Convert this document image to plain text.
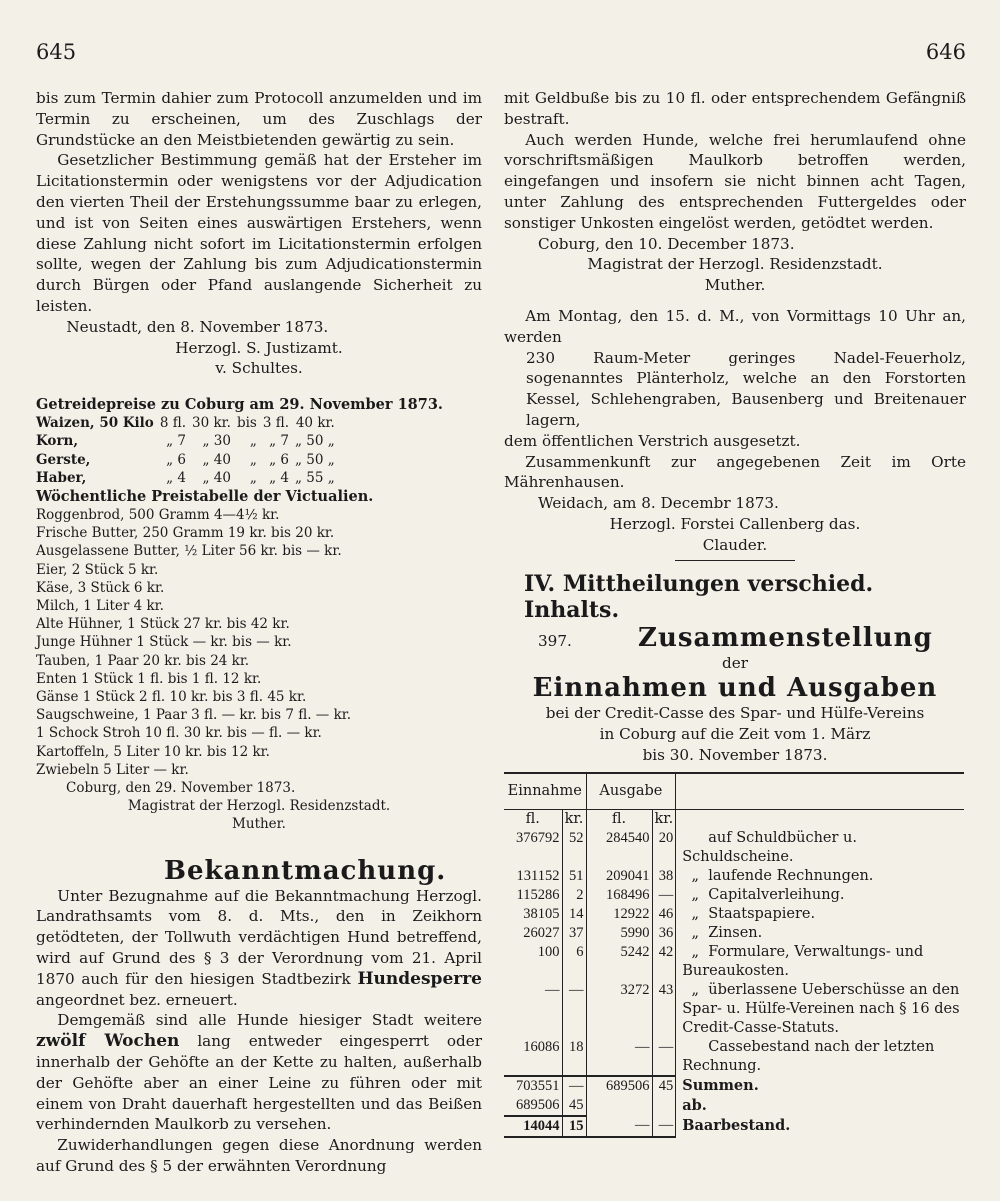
645	646

bis zum Termin dahier zum Protocoll anzumelden und im Termin zu erscheinen, um des Zuschlags der Grundstücke an den Meistbietenden gewärtig zu sein.

Gesetzlicher Bestimmung gemäß hat der Ersteher im Licitationstermin oder wenigstens vor der Adjudication den vierten Theil der Erstehungssumme baar zu erlegen, und ist von Seiten eines auswärtigen Erstehers, wenn diese Zahlung nicht sofort im Licitationstermin erfolgen sollte, wegen der Zahlung bis zum Adjudicationstermin durch Bürgen oder Pfand auslangende Sicherheit zu leisten.

Neustadt, den 8. November 1873.

Herzogl. S. Justizamt.

v. Schultes.

Getreidepreise zu Coburg am 29. November 1873.

Waizen, 50 Kilo	8 fl.	30 kr.	bis	3 fl.	40 kr.
Korn,	„ 7	„ 30	„	„ 7	„ 50 „
Gerste,	„ 6	„ 40	„	„ 6	„ 50 „
Haber,	„ 4	„ 40	„	„ 4	„ 55 „

Wöchentliche Preistabelle der Victualien.

Roggenbrod, 500 Gramm 4—4½ kr.

Frische Butter, 250 Gramm 19 kr. bis 20 kr.

Ausgelassene Butter, ½ Liter 56 kr. bis — kr.

Eier, 2 Stück 5 kr.

Käse, 3 Stück 6 kr.

Milch, 1 Liter 4 kr.

Alte Hühner, 1 Stück 27 kr. bis 42 kr.

Junge Hühner 1 Stück — kr. bis — kr.

Tauben, 1 Paar 20 kr. bis 24 kr.

Enten 1 Stück 1 fl. bis 1 fl. 12 kr.

Gänse 1 Stück 2 fl. 10 kr. bis 3 fl. 45 kr.

Saugschweine, 1 Paar 3 fl. — kr. bis 7 fl. — kr.

1 Schock Stroh 10 fl. 30 kr. bis — fl. — kr.

Kartoffeln, 5 Liter 10 kr. bis 12 kr.

Zwiebeln 5 Liter — kr.

Coburg, den 29. November 1873.

Magistrat der Herzogl. Residenzstadt.

Muther.

Bekanntmachung.

Unter Bezugnahme auf die Bekanntmachung Herzogl. Landrathsamts vom 8. d. Mts., den in Zeikhorn getödteten, der Tollwuth verdächtigen Hund betreffend, wird auf Grund des § 3 der Verordnung vom 21. April 1870 auch für den hiesigen Stadtbezirk Hundesperre angeordnet bez. erneuert.

Demgemäß sind alle Hunde hiesiger Stadt weitere zwölf Wochen lang entweder eingesperrt oder innerhalb der Gehöfte an der Kette zu halten, außerhalb der Gehöfte aber an einer Leine zu führen oder mit einem von Draht dauerhaft hergestellten und das Beißen verhindernden Maulkorb zu versehen.

Zuwiderhandlungen gegen diese Anordnung werden auf Grund des § 5 der erwähnten Verordnung

mit Geldbuße bis zu 10 fl. oder entsprechendem Gefängniß bestraft.

Auch werden Hunde, welche frei herumlaufend ohne vorschriftsmäßigen Maulkorb betroffen werden, eingefangen und insofern sie nicht binnen acht Tagen, unter Zahlung des entsprechenden Futtergeldes oder sonstiger Unkosten eingelöst werden, getödtet werden.

Coburg, den 10. December 1873.

Magistrat der Herzogl. Residenzstadt.

Muther.

Am Montag, den 15. d. M., von Vormittags 10 Uhr an, werden

230 Raum-Meter geringes Nadel-Feuerholz, sogenanntes Plänterholz, welche an den Forstorten Kessel, Schlehengraben, Bausenberg und Breitenauer lagern,

dem öffentlichen Verstrich ausgesetzt.

Zusammenkunft zur angegebenen Zeit im Orte Mährenhausen.

Weidach, am 8. Decembr 1873.

Herzogl. Forstei Callenberg das.

Clauder.

IV. Mittheilungen verschied. Inhalts.
397.	Zusammenstellung

der

Einnahmen und Ausgaben

bei der Credit-Casse des Spar- und Hülfe-Vereins

in Coburg auf die Zeit vom 1. März

bis 30. November 1873.

Einnahme		Ausgabe		
fl.	kr.	fl.	kr.	
376792	52	284540	20	auf Schuldbücher u. Schuldscheine.
131152	51	209041	38	„ laufende Rechnungen.
115286	2	168496	—	„ Capitalverleihung.
38105	14	12922	46	„ Staatspapiere.
26027	37	5990	36	„ Zinsen.
100	6	5242	42	„ Formulare, Verwaltungs- und Bureaukosten.
—	—	3272	43	„ überlassene Ueberschüsse an den Spar- u. Hülfe-Vereinen nach § 16 des Credit-Casse-Statuts.
16086	18	—	—	Cassebestand nach der letzten Rechnung.
703551	—	689506	45	Summen.
689506	45			ab.
14044	15	—	—	Baarbestand.
